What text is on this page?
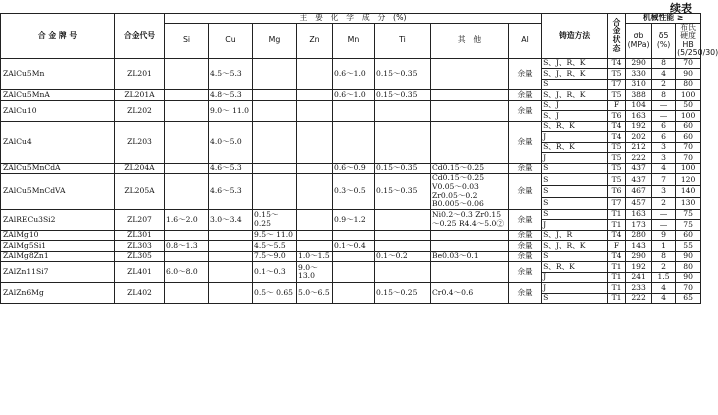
续表
合 金 牌 号	合金代号	主　要　化　学　成　分　(%)								铸造方法	合金状态	机械性能 ≥		
		Si	Cu	Mg	Zn	Mn	Ti	其　他	Al			σb (MPa)	δ5 (%)	布氏硬度 HB (5/250/30)
ZAlCu5Mn	ZL201		4.5～5.3			0.6～1.0	0.15～0.35		余量	S、J、R、K	T4	290	8	70
										S、J、R、K	T5	330	4	90
										S	T7	310	2	80
ZAlCu5MnA	ZL201A		4.8～5.3			0.6～1.0	0.15～0.35		余量	S、J、R、K	T5	388	8	100
ZAlCu10	ZL202		9.0～ 11.0						余量	S、J	F	104	—	50
										S、J	T6	163	—	100
ZAlCu4	ZL203		4.0～5.0						余量	S、R、K	T4	192	6	60
										J	T4	202	6	60
										S、R、K	T5	212	3	70
										J	T5	222	3	70
ZAlCu5MnCdA	ZL204A		4.6～5.3			0.6～0.9	0.15～0.35	Cd0.15～0.25	余量	S	T5	437	4	100
ZAlCu5MnCdVA	ZL205A		4.6～5.3			0.3～0.5	0.15～0.35	Cd0.15～0.25 V0.05～0.03 Zr0.05～0.2 B0.005～0.06	余量	S	T5	437	7	120
										S	T6	467	3	140
										S	T7	457	2	130
ZAlRECu3Si2	ZL207	1.6～2.0	3.0～3.4	0.15～ 0.25		0.9～1.2		Ni0.2～0.3 Zr0.15～0.25 R4.4～5.0②	余量	S	T1	163	—	75
										J	T1	173	—	75
ZAlMg10	ZL301			9.5～ 11.0					余量	S、J、R	T4	280	9	60
ZAlMg5Si1	ZL303	0.8～1.3		4.5～5.5		0.1～0.4			余量	S、J、R、K	F	143	1	55
ZAlMg8Zn1	ZL305			7.5～9.0	1.0～1.5		0.1～0.2	Be0.03～0.1	余量	S	T4	290	8	90
ZAlZn11Si7	ZL401	6.0～8.0		0.1～0.3	9.0～ 13.0				余量	S、R、K	T1	192	2	80
										J	T1	241	1.5	90
ZAlZn6Mg	ZL402			0.5～ 0.65	5.0～6.5		0.15～0.25	Cr0.4～0.6	余量	J	T1	233	4	70
										S	T1	222	4	65
